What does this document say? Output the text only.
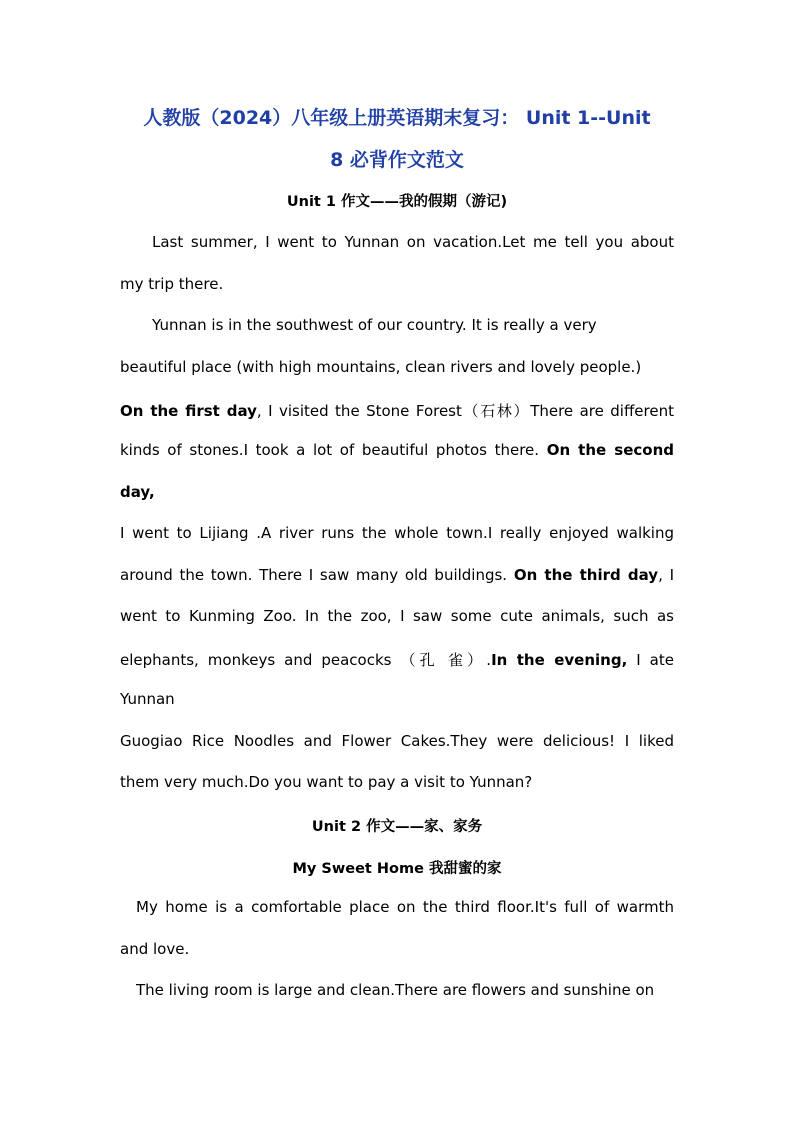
人教版（2024）八年级上册英语期末复习： Unit 1--Unit
8 必背作文范文
Unit 1 作文——我的假期（游记)
Last summer, I went to Yunnan on vacation.Let me tell you about
my trip there.
Yunnan is in the southwest of our country. It is really a very
beautiful place (with high mountains, clean rivers and lovely people.)
On the first day, I visited the Stone Forest（石林）There are different
kinds of stones.I took a lot of beautiful photos there. On the second
day,
I went to Lijiang .A river runs the whole town.I really enjoyed walking
around the town. There I saw many old buildings. On the third day, I
went to Kunming Zoo. In the zoo, I saw some cute animals, such as
elephants, monkeys and peacocks （孔 雀）.In the evening, I ate
Yunnan
Guogiao Rice Noodles and Flower Cakes.They were delicious! I liked
them very much.Do you want to pay a visit to Yunnan?
Unit 2 作文——家、家务
My Sweet Home 我甜蜜的家
My home is a comfortable place on the third floor.It's full of warmth
and love.
The living room is large and clean.There are flowers and sunshine on
